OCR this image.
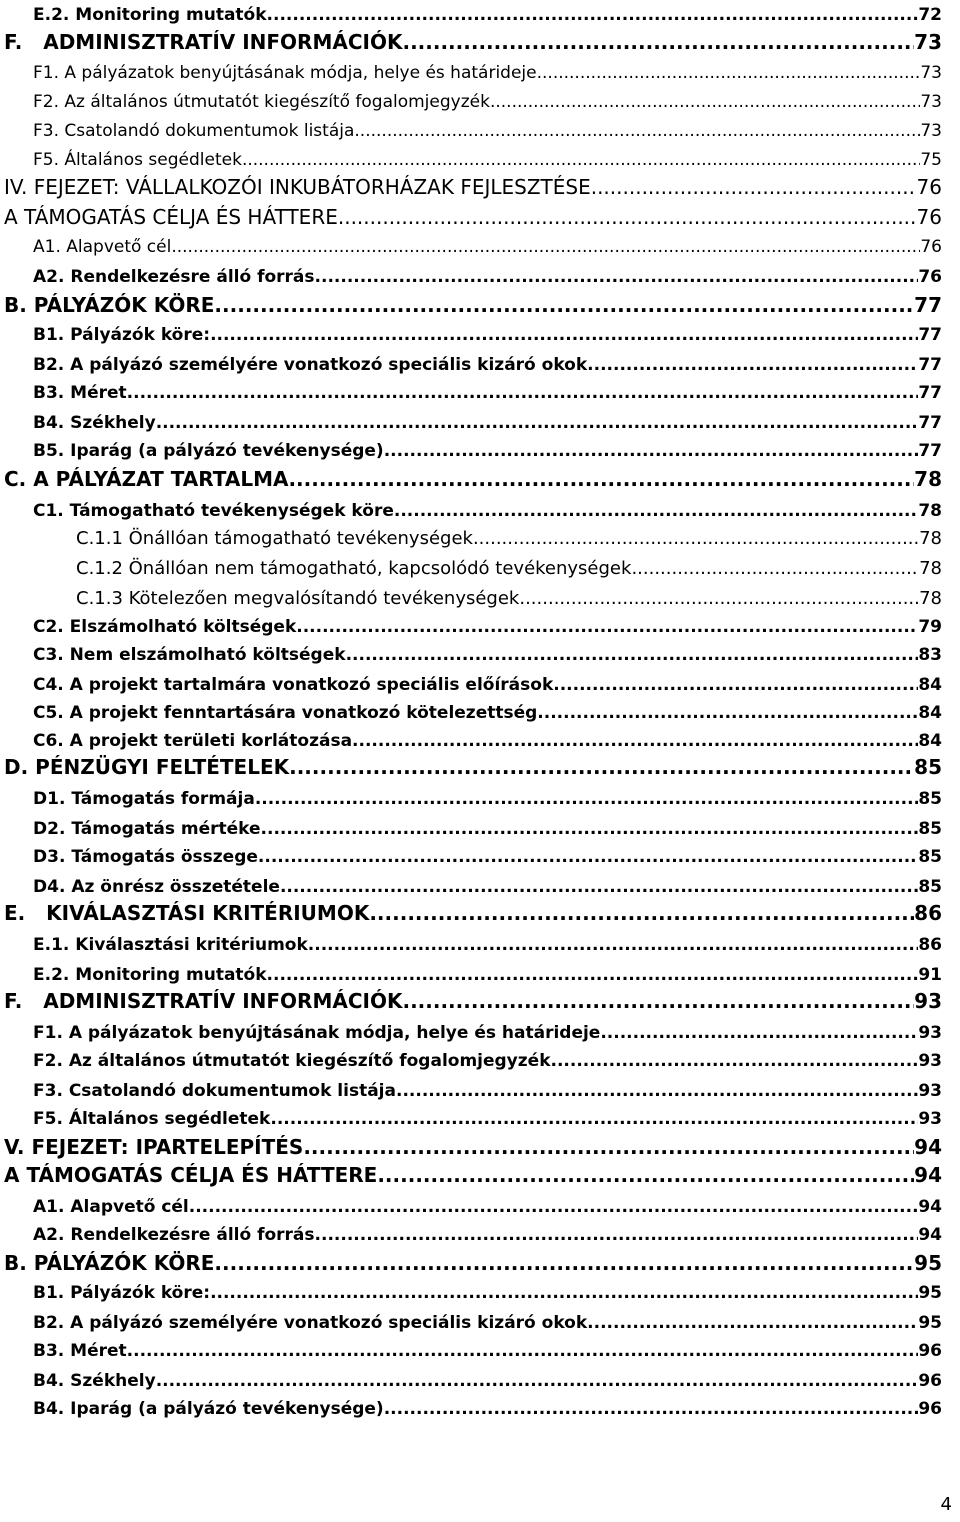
E.2. Monitoring mutatók .....	72
F.   ADMINISZTRATÍV INFORMÁCIÓK .....	73
F1. A pályázatok benyújtásának módja, helye és határideje .....	73
F2. Az általános útmutatót kiegészítő fogalomjegyzék .....	73
F3. Csatolandó dokumentumok listája .....	73
F5. Általános segédletek .....	75
IV. FEJEZET: VÁLLALKOZÓI INKUBÁTORHÁZAK FEJLESZTÉSE .....	76
A TÁMOGATÁS CÉLJA ÉS HÁTTERE .....	76
A1. Alapvető cél .....	76
A2. Rendelkezésre álló forrás .....	76
B. PÁLYÁZÓK KÖRE .....	77
B1. Pályázók köre: .....	77
B2. A pályázó személyére vonatkozó speciális kizáró okok .....	77
B3. Méret .....	77
B4. Székhely .....	77
B5. Iparág (a pályázó tevékenysége) .....	77
C. A PÁLYÁZAT TARTALMA .....	78
C1. Támogatható tevékenységek köre .....	78
C.1.1 Önállóan támogatható tevékenységek .....	78
C.1.2 Önállóan nem támogatható, kapcsolódó tevékenységek .....	78
C.1.3 Kötelezően megvalósítandó tevékenységek .....	78
C2. Elszámolható költségek .....	79
C3. Nem elszámolható költségek .....	83
C4. A projekt tartalmára vonatkozó speciális előírások .....	84
C5. A projekt fenntartására vonatkozó kötelezettség .....	84
C6. A projekt területi korlátozása .....	84
D. PÉNZÜGYI FELTÉTELEK .....	85
D1. Támogatás formája .....	85
D2. Támogatás mértéke .....	85
D3. Támogatás összege .....	85
D4. Az önrész összetétele .....	85
E.   KIVÁLASZTÁSI KRITÉRIUMOK .....	86
E.1. Kiválasztási kritériumok .....	86
E.2. Monitoring mutatók .....	91
F.   ADMINISZTRATÍV INFORMÁCIÓK .....	93
F1. A pályázatok benyújtásának módja, helye és határideje .....	93
F2. Az általános útmutatót kiegészítő fogalomjegyzék .....	93
F3. Csatolandó dokumentumok listája .....	93
F5. Általános segédletek .....	93
V. FEJEZET: IPARTELEPÍTÉS .....	94
A TÁMOGATÁS CÉLJA ÉS HÁTTERE .....	94
A1. Alapvető cél .....	94
A2. Rendelkezésre álló forrás .....	94
B. PÁLYÁZÓK KÖRE .....	95
B1. Pályázók köre: .....	95
B2. A pályázó személyére vonatkozó speciális kizáró okok .....	95
B3. Méret .....	96
B4. Székhely .....	96
B4. Iparág (a pályázó tevékenysége) .....	96
4
